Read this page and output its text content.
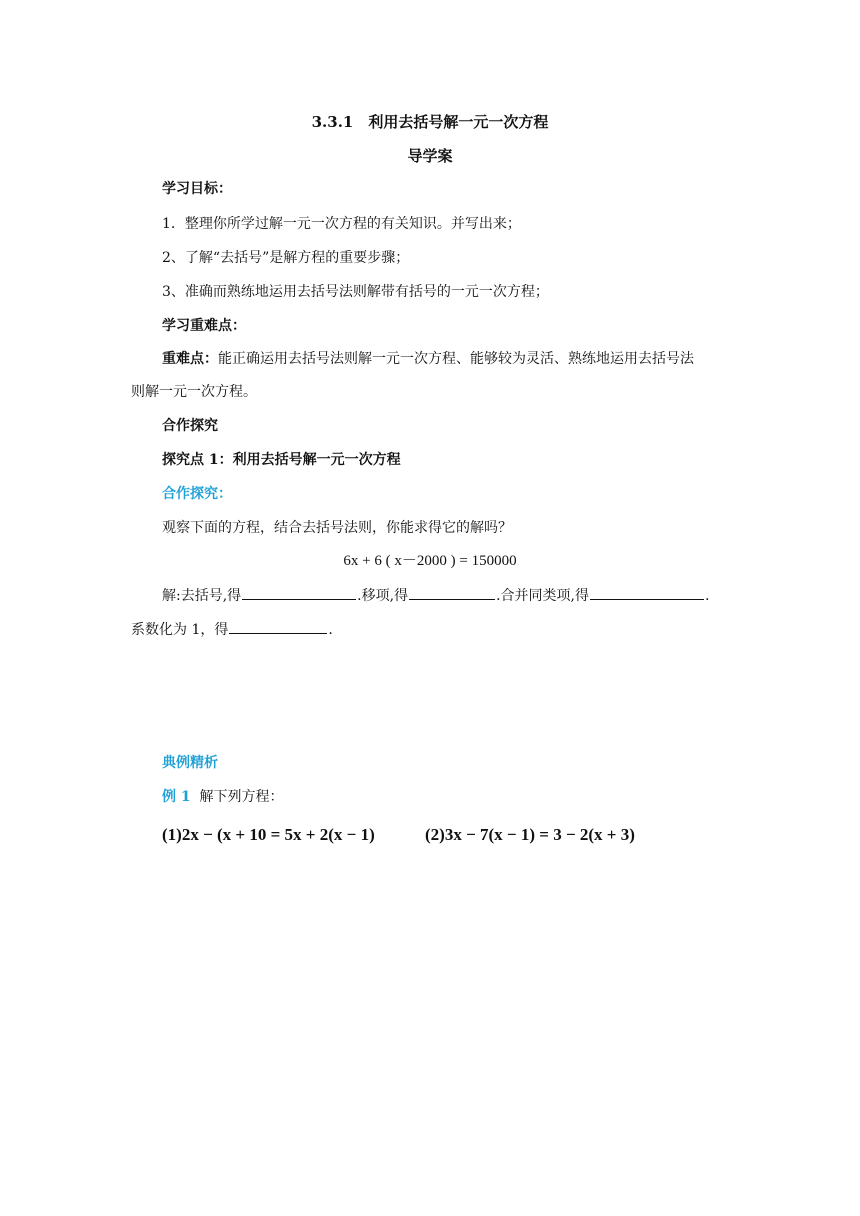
3.3.1　利用去括号解一元一次方程
导学案
学习目标：
1．整理你所学过解一元一次方程的有关知识。并写出来；
2、了解“去括号”是解方程的重要步骤；
3、准确而熟练地运用去括号法则解带有括号的一元一次方程；
学习重难点：
重难点：能正确运用去括号法则解一元一次方程、能够较为灵活、熟练地运用去括号法
则解一元一次方程。
合作探究
探究点 1：利用去括号解一元一次方程
合作探究：
观察下面的方程，结合去括号法则，你能求得它的解吗？
6x + 6 ( x－2000 ) = 150000
解:去括号,得	.移项,得	.合并同类项,得	.
系数化为 1，得	.
典例精析
例 1 解下列方程：
(1)2x − (x + 10 = 5x + 2(x − 1)	(2)3x − 7(x − 1) = 3 − 2(x + 3)
